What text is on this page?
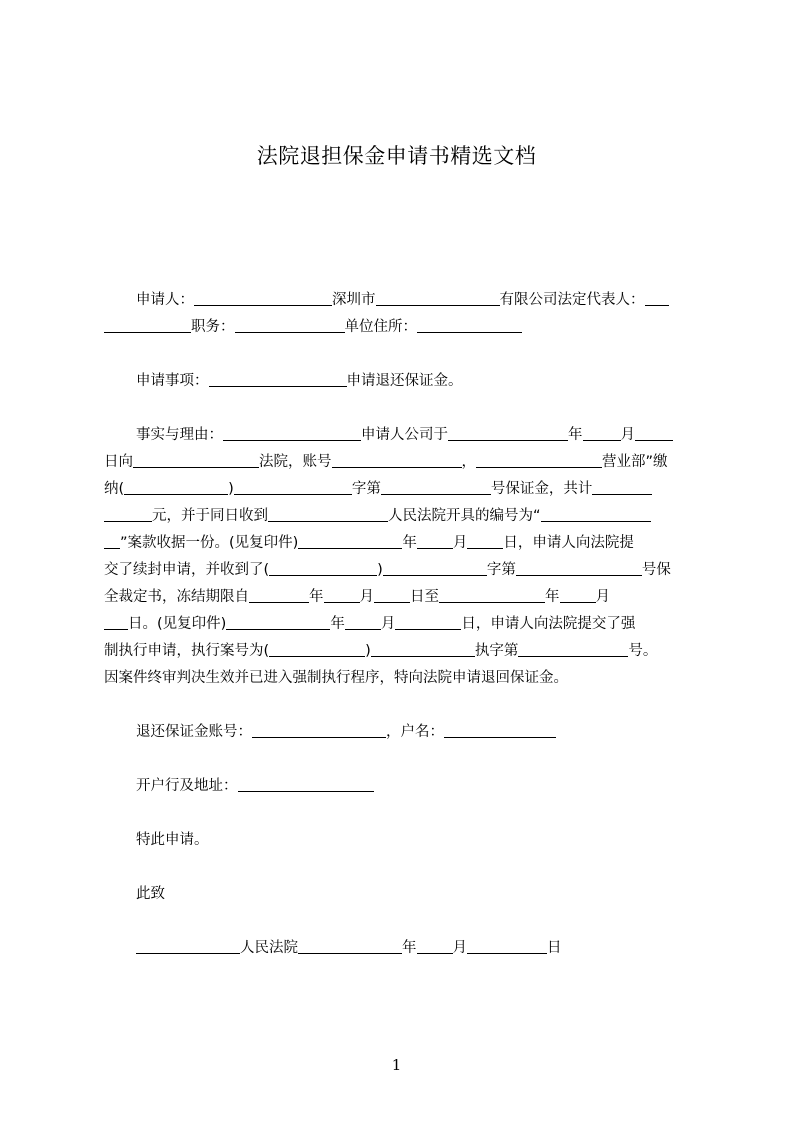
法院退担保金申请书精选文档
申请人：	深圳市	有限公司法定代表人：
职务：	单位住所：
申请事项：	申请退还保证金。
事实与理由：	申请人公司于	年	月
日向	法院，账号	，	营业部”缴
纳(	)	字第	号保证金，共计
元，并于同日收到	人民法院开具的编号为“
”案款收据一份。(见复印件)	年 月 日，申请人向法院提
交了续封申请，并收到了(	)	字第	号保
全裁定书，冻结期限自	年 月 日至	年 月
日。(见复印件)	年 月	日，申请人向法院提交了强
制执行申请，执行案号为(	)	执字第	号。
因案件终审判决生效并已进入强制执行程序，特向法院申请退回保证金。
退还保证金账号：	，户名：
开户行及地址：
特此申请。
此致
人民法院	年 月	日
1
